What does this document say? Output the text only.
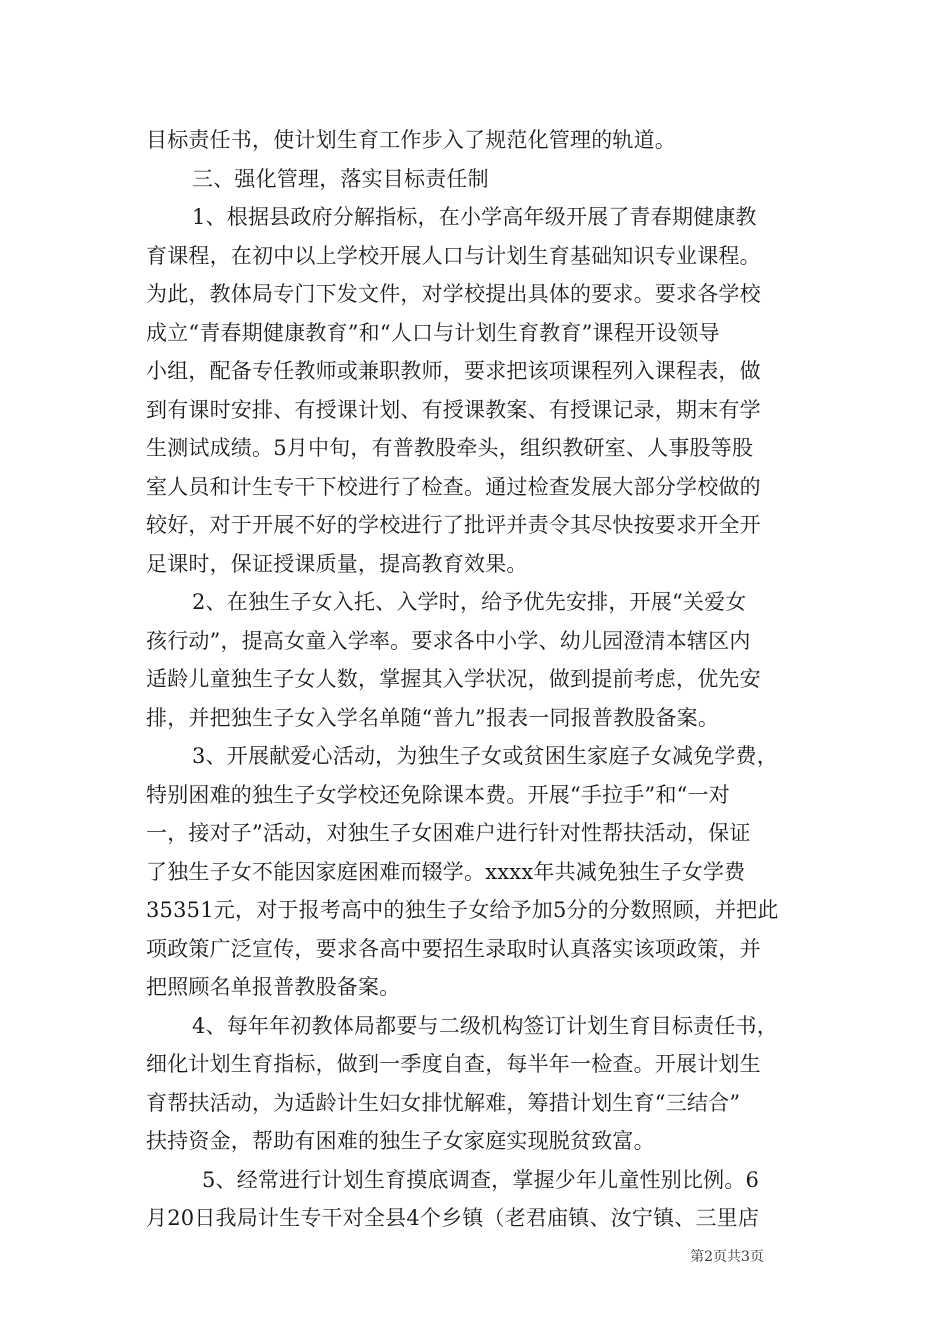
目标责任书，使计划生育工作步入了规范化管理的轨道。
三、强化管理，落实目标责任制
1、根据县政府分解指标，在小学高年级开展了青春期健康教
育课程，在初中以上学校开展人口与计划生育基础知识专业课程。
为此，教体局专门下发文件，对学校提出具体的要求。要求各学校
成立“青春期健康教育”和“人口与计划生育教育”课程开设领导
小组，配备专任教师或兼职教师，要求把该项课程列入课程表，做
到有课时安排、有授课计划、有授课教案、有授课记录，期末有学
生测试成绩。5月中旬，有普教股牵头，组织教研室、人事股等股
室人员和计生专干下校进行了检查。通过检查发展大部分学校做的
较好，对于开展不好的学校进行了批评并责令其尽快按要求开全开
足课时，保证授课质量，提高教育效果。
2、在独生子女入托、入学时，给予优先安排，开展“关爱女
孩行动”，提高女童入学率。要求各中小学、幼儿园澄清本辖区内
适龄儿童独生子女人数，掌握其入学状况，做到提前考虑，优先安
排，并把独生子女入学名单随“普九”报表一同报普教股备案。
3、开展献爱心活动，为独生子女或贫困生家庭子女减免学费，
特别困难的独生子女学校还免除课本费。开展“手拉手”和“一对
一，接对子”活动，对独生子女困难户进行针对性帮扶活动，保证
了独生子女不能因家庭困难而辍学。xxxx年共减免独生子女学费
35351元，对于报考高中的独生子女给予加5分的分数照顾，并把此
项政策广泛宣传，要求各高中要招生录取时认真落实该项政策，并
把照顾名单报普教股备案。
4、每年年初教体局都要与二级机构签订计划生育目标责任书，
细化计划生育指标，做到一季度自查，每半年一检查。开展计划生
育帮扶活动，为适龄计生妇女排忧解难，筹措计划生育“三结合”
扶持资金，帮助有困难的独生子女家庭实现脱贫致富。
5、经常进行计划生育摸底调查，掌握少年儿童性别比例。6
月20日我局计生专干对全县4个乡镇（老君庙镇、汝宁镇、三里店
第2页共3页
